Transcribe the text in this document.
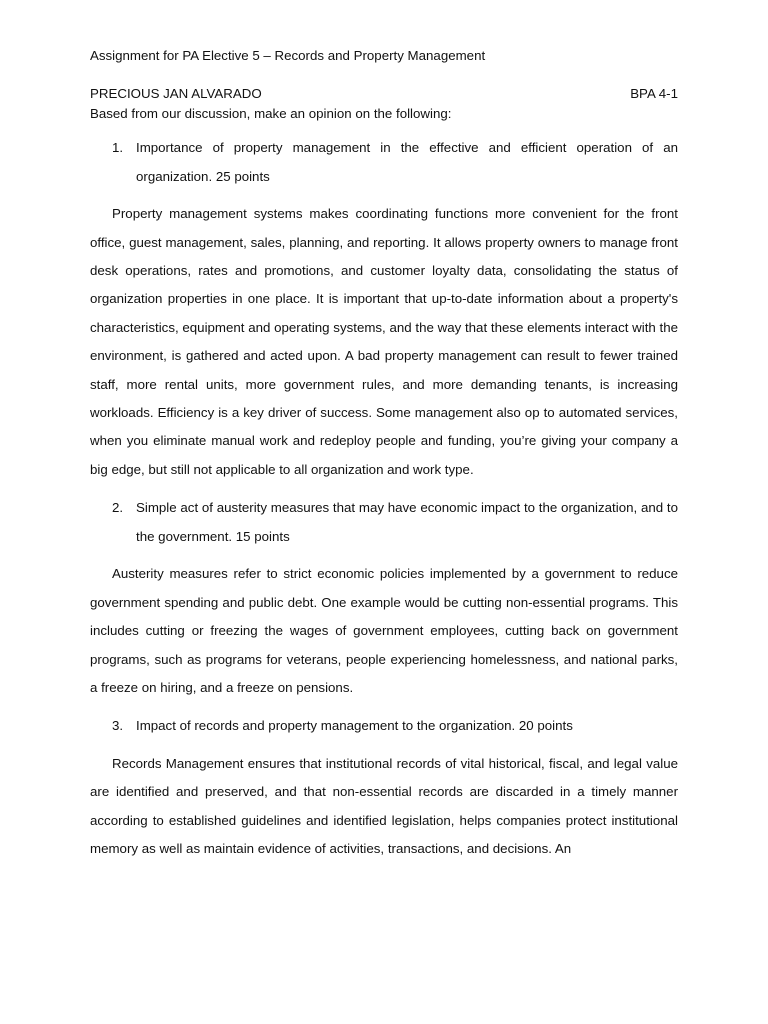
Assignment for PA Elective 5 – Records and Property Management

PRECIOUS JAN ALVARADO	BPA 4-1

Based from our discussion, make an opinion on the following:

1. Importance of property management in the effective and efficient operation of an organization. 25 points

Property management systems makes coordinating functions more convenient for the front office, guest management, sales, planning, and reporting. It allows property owners to manage front desk operations, rates and promotions, and customer loyalty data, consolidating the status of organization properties in one place. It is important that up-to-date information about a property's characteristics, equipment and operating systems, and the way that these elements interact with the environment, is gathered and acted upon. A bad property management can result to fewer trained staff, more rental units, more government rules, and more demanding tenants, is increasing workloads. Efficiency is a key driver of success. Some management also op to automated services, when you eliminate manual work and redeploy people and funding, you’re giving your company a big edge, but still not applicable to all organization and work type.

2. Simple act of austerity measures that may have economic impact to the organization, and to the government. 15 points

Austerity measures refer to strict economic policies implemented by a government to reduce government spending and public debt. One example would be cutting non-essential programs. This includes cutting or freezing the wages of government employees, cutting back on government programs, such as programs for veterans, people experiencing homelessness, and national parks, a freeze on hiring, and a freeze on pensions.

3. Impact of records and property management to the organization. 20 points

Records Management ensures that institutional records of vital historical, fiscal, and legal value are identified and preserved, and that non-essential records are discarded in a timely manner according to established guidelines and identified legislation, helps companies protect institutional memory as well as maintain evidence of activities, transactions, and decisions. An
